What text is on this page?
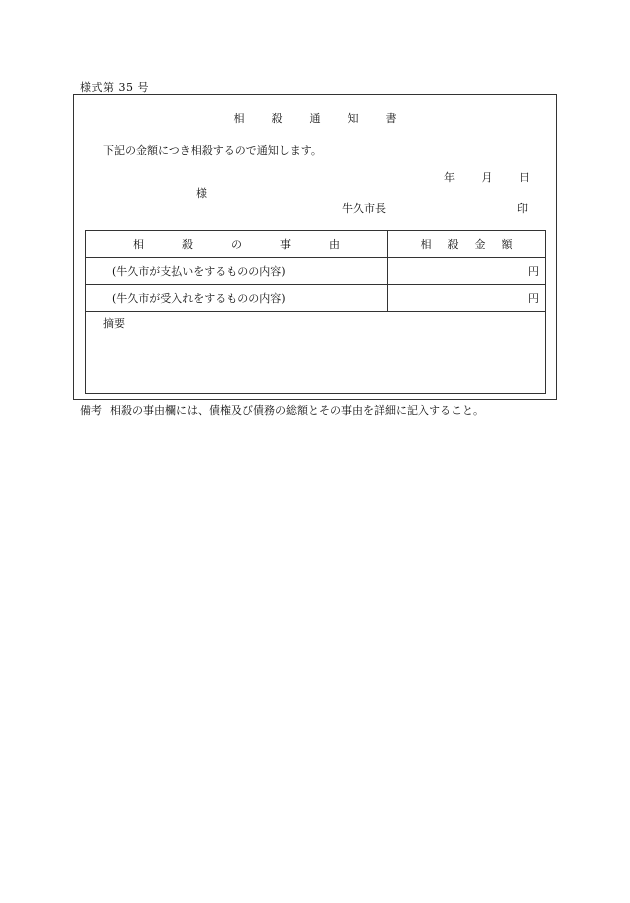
様式第 35 号
相殺通知書
下記の金額につき相殺するので通知します。
年 月 日
様
牛久市長	印
相殺の事由	相殺金額
(牛久市が支払いをするものの内容)	円
(牛久市が受入れをするものの内容)	円
摘要	
備考 相殺の事由欄には、債権及び債務の総額とその事由を詳細に記入すること。
